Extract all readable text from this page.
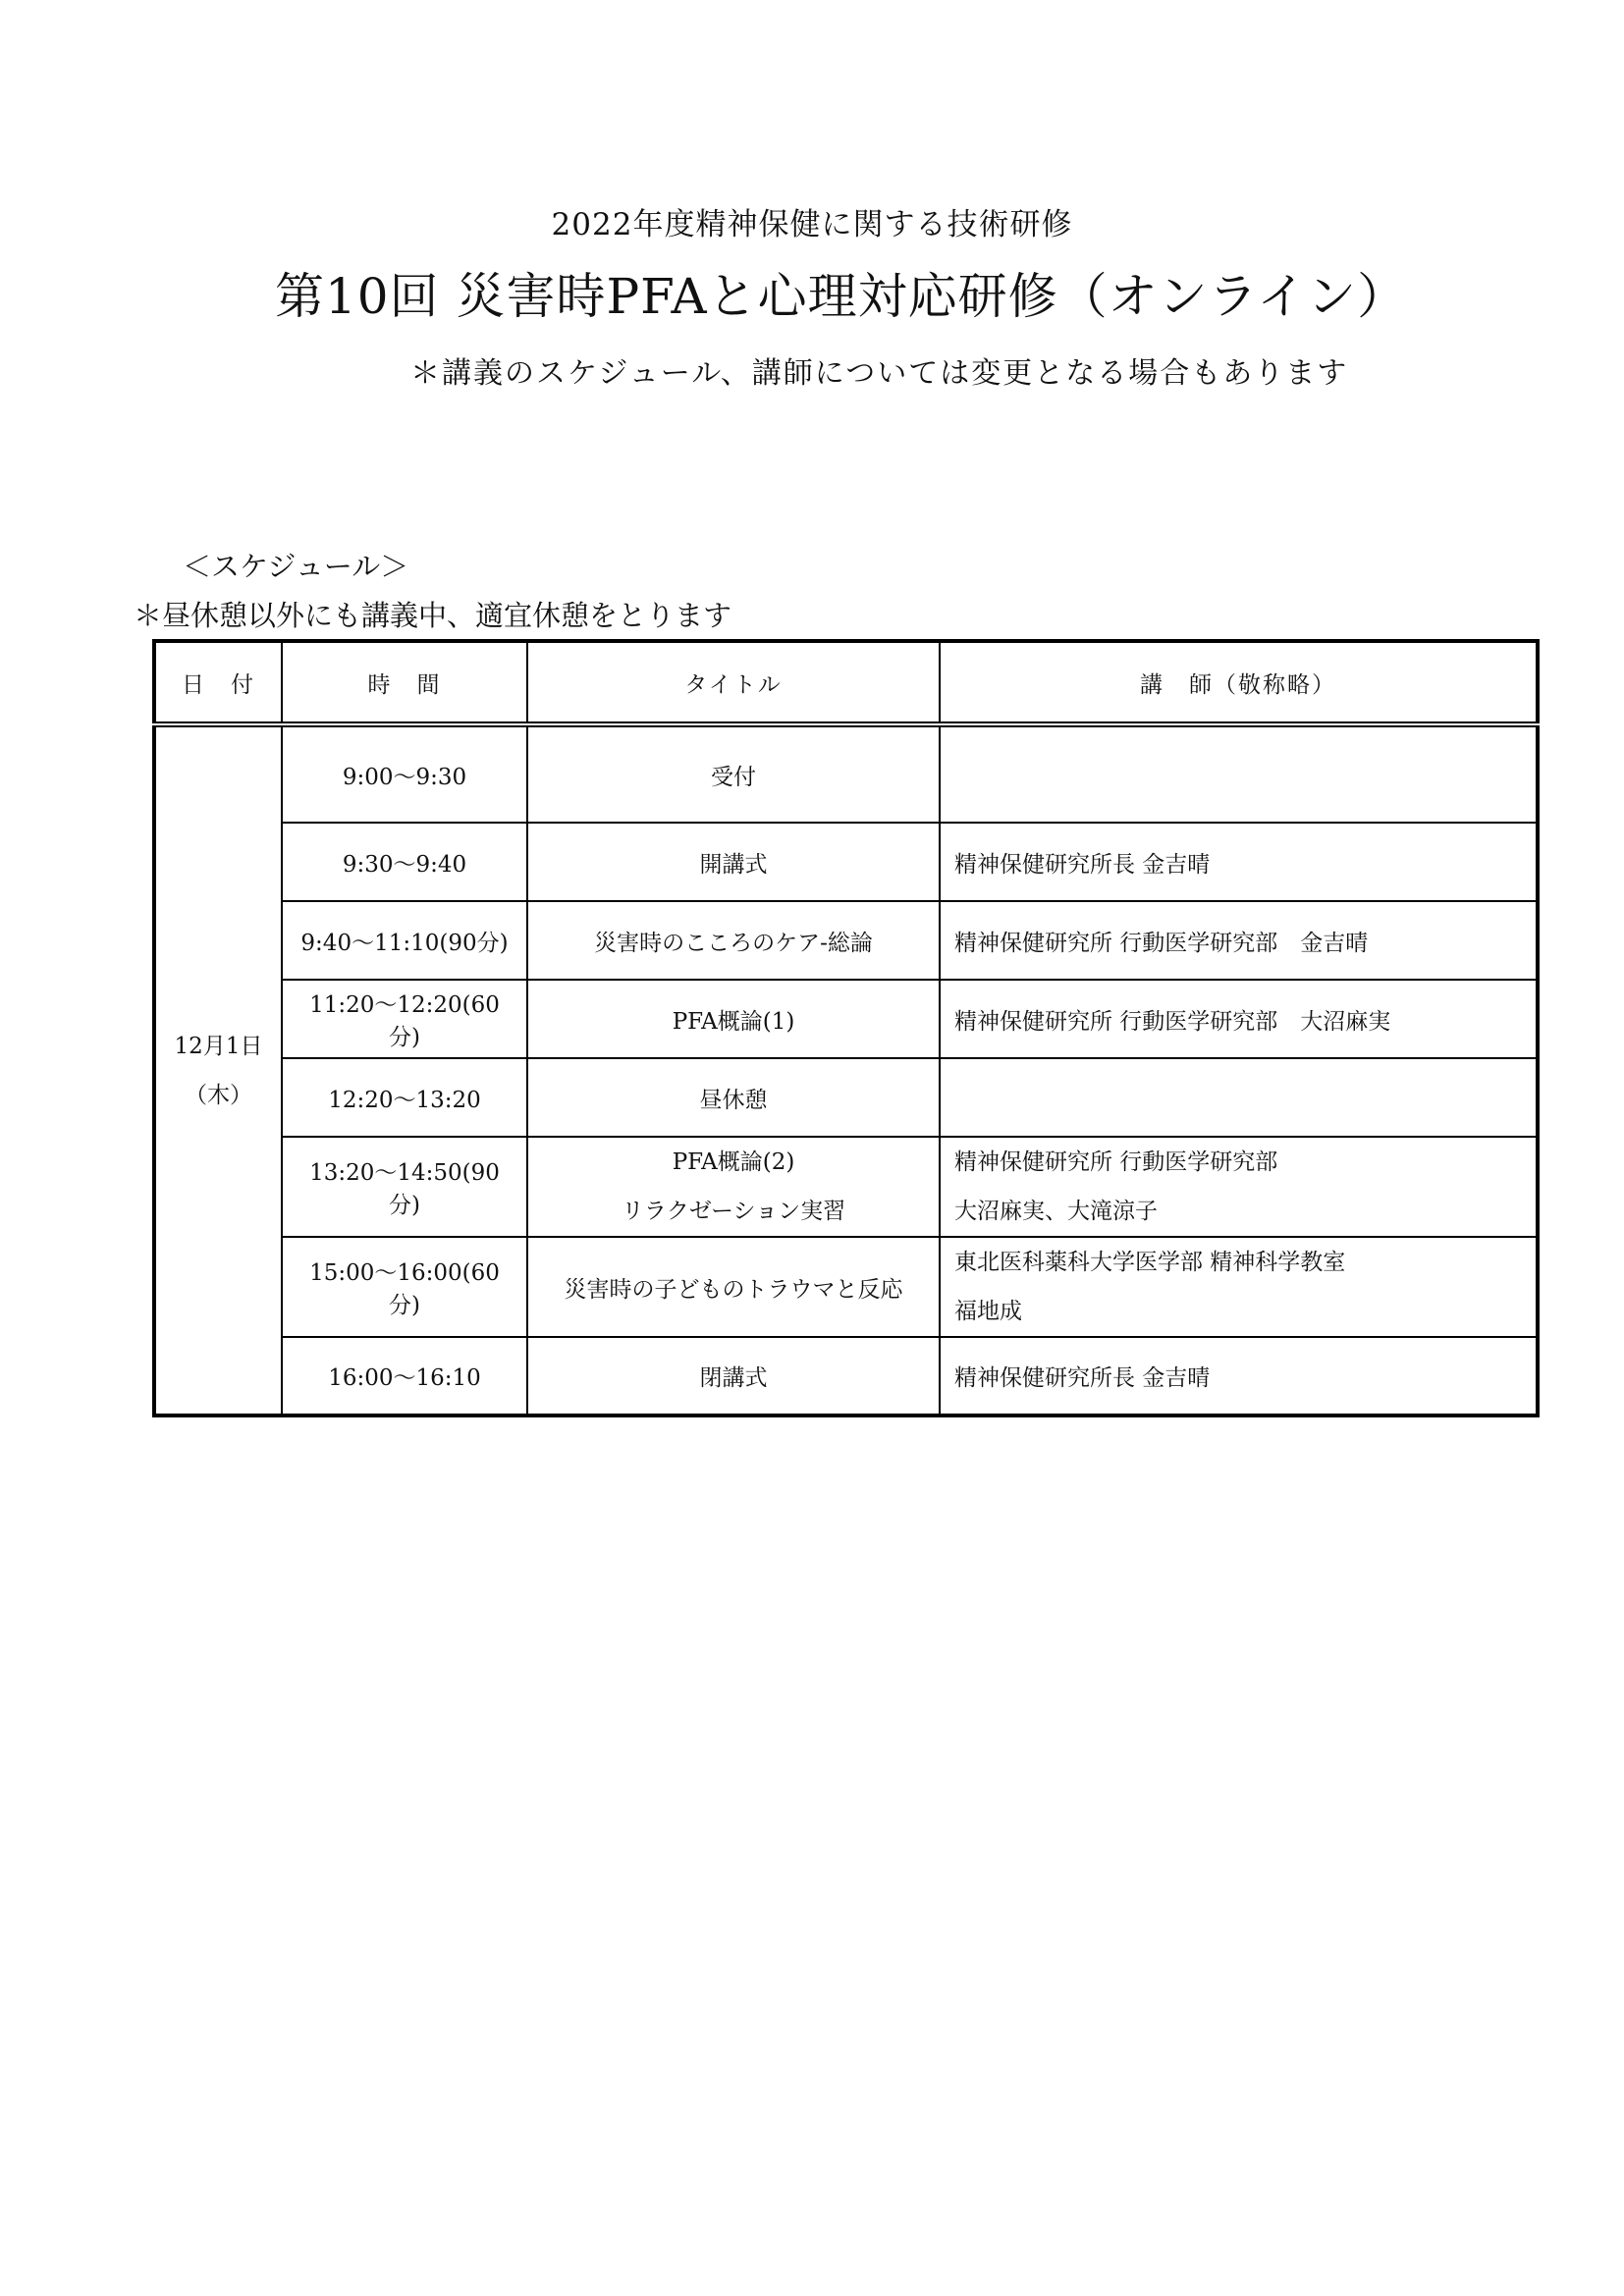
2022年度精神保健に関する技術研修
第10回 災害時PFAと心理対応研修（オンライン）
＊講義のスケジュール、講師については変更となる場合もあります
＜スケジュール＞
＊昼休憩以外にも講義中、適宜休憩をとります
日　付	時　間	タイトル	講　師（敬称略）

12月1日
（木）	9:00～9:30	受付	
	9:30～9:40	開講式	精神保健研究所長 金吉晴
	9:40～11:10(90分)	災害時のこころのケア‐総論	精神保健研究所 行動医学研究部　金吉晴
	11:20～12:20(60分)	PFA概論(1)	精神保健研究所 行動医学研究部　大沼麻実
	12:20～13:20	昼休憩	
	13:20～14:50(90分)	PFA概論(2)
リラクゼーション実習	精神保健研究所 行動医学研究部
大沼麻実、大滝涼子

	15:00～16:00(60分)	災害時の子どものトラウマと反応	東北医科薬科大学医学部 精神科学教室
福地成

	16:00～16:10	閉講式	精神保健研究所長 金吉晴
